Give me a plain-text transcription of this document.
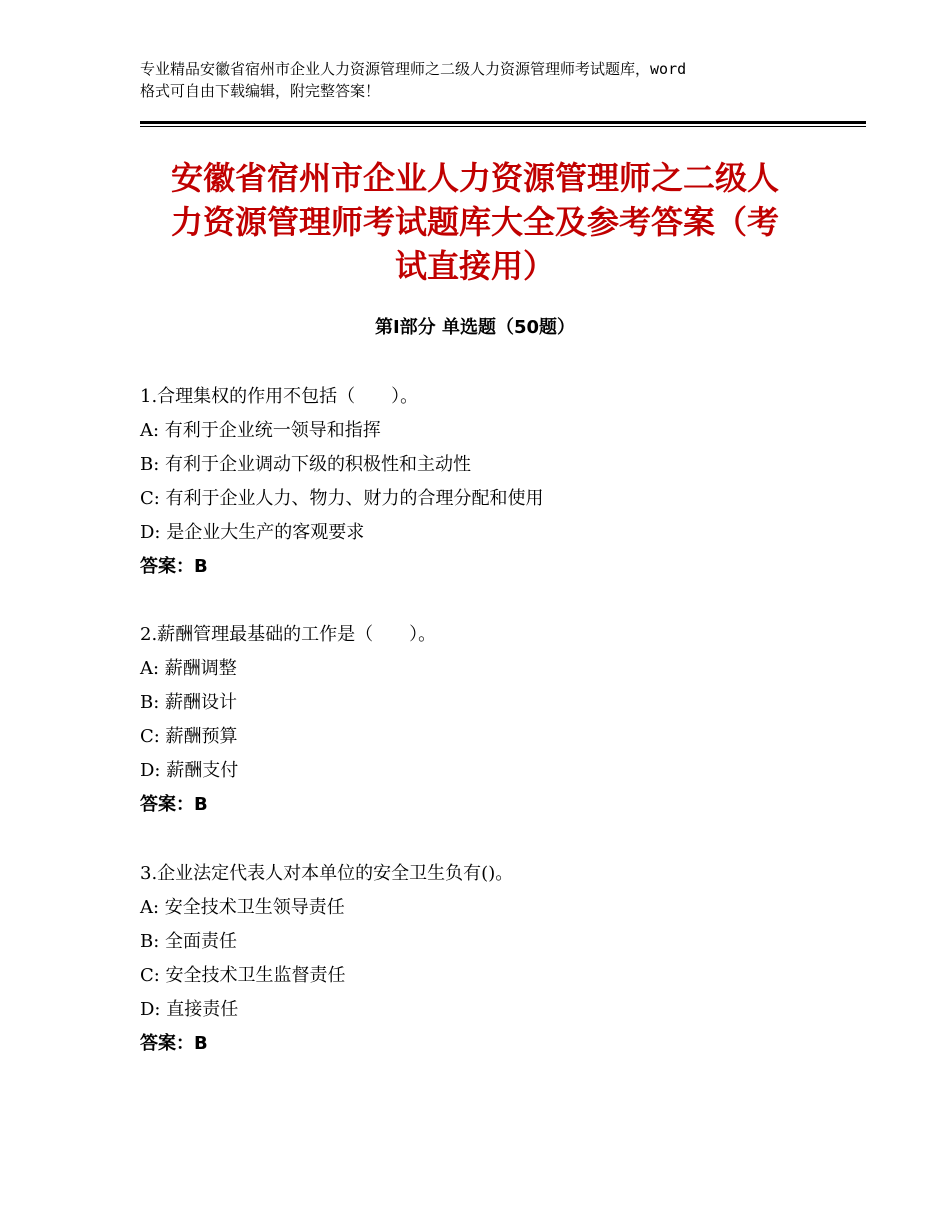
专业精品安徽省宿州市企业人力资源管理师之二级人力资源管理师考试题库，word
格式可自由下载编辑，附完整答案！
安徽省宿州市企业人力资源管理师之二级人
力资源管理师考试题库大全及参考答案（考
试直接用）
第Ⅰ部分 单选题（50题）
1.合理集权的作用不包括（　　）。
A: 有利于企业统一领导和指挥
B: 有利于企业调动下级的积极性和主动性
C: 有利于企业人力、物力、财力的合理分配和使用
D: 是企业大生产的客观要求
答案：B
2.薪酬管理最基础的工作是（　　）。
A: 薪酬调整
B: 薪酬设计
C: 薪酬预算
D: 薪酬支付
答案：B
3.企业法定代表人对本单位的安全卫生负有()。
A: 安全技术卫生领导责任
B: 全面责任
C: 安全技术卫生监督责任
D: 直接责任
答案：B
